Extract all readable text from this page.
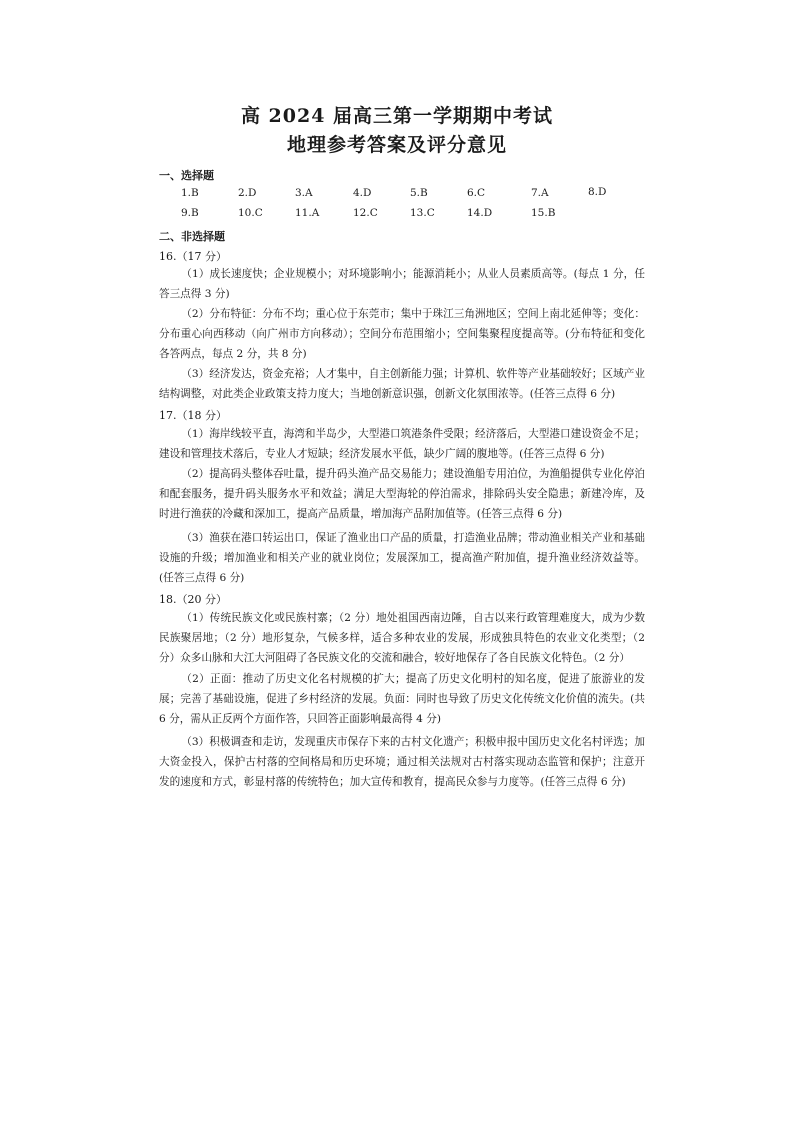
高 2024 届高三第一学期期中考试
地理参考答案及评分意见
一、选择题
1.B	2.D	3.A	4.D	5.B	6.C	7.A	8.D
9.B	10.C	11.A	12.C	13.C	14.D	15.B
二、非选择题
16.（17 分）
（1）成长速度快；企业规模小；对环境影响小；能源消耗小；从业人员素质高等。(每点 1 分，任答三点得 3 分)
（2）分布特征：分布不均；重心位于东莞市；集中于珠江三角洲地区；空间上南北延伸等；变化：分布重心向西移动（向广州市方向移动）；空间分布范围缩小；空间集聚程度提高等。(分布特征和变化各答两点，每点 2 分，共 8 分)
（3）经济发达，资金充裕；人才集中，自主创新能力强；计算机、软件等产业基础较好；区域产业结构调整，对此类企业政策支持力度大；当地创新意识强，创新文化氛围浓等。(任答三点得 6 分)
17.（18 分）
（1）海岸线较平直，海湾和半岛少，大型港口筑港条件受限；经济落后，大型港口建设资金不足；建设和管理技术落后，专业人才短缺；经济发展水平低，缺少广阔的腹地等。(任答三点得 6 分)
（2）提高码头整体吞吐量，提升码头渔产品交易能力；建设渔船专用泊位，为渔船提供专业化停泊和配套服务，提升码头服务水平和效益；满足大型海轮的停泊需求，排除码头安全隐患；新建冷库，及时进行渔获的冷藏和深加工，提高产品质量，增加海产品附加值等。(任答三点得 6 分)
（3）渔获在港口转运出口，保证了渔业出口产品的质量，打造渔业品牌；带动渔业相关产业和基础设施的升级；增加渔业和相关产业的就业岗位；发展深加工，提高渔产附加值，提升渔业经济效益等。(任答三点得 6 分)
18.（20 分）
（1）传统民族文化或民族村寨；（2 分）地处祖国西南边陲，自古以来行政管理难度大，成为少数民族聚居地；（2 分）地形复杂，气候多样，适合多种农业的发展，形成独具特色的农业文化类型；（2 分）众多山脉和大江大河阻碍了各民族文化的交流和融合，较好地保存了各自民族文化特色。（2 分）
（2）正面：推动了历史文化名村规模的扩大；提高了历史文化明村的知名度，促进了旅游业的发展；完善了基础设施，促进了乡村经济的发展。负面：同时也导致了历史文化传统文化价值的流失。(共 6 分，需从正反两个方面作答，只回答正面影响最高得 4 分)
（3）积极调查和走访，发现重庆市保存下来的古村文化遗产；积极申报中国历史文化名村评选；加大资金投入，保护古村落的空间格局和历史环境；通过相关法规对古村落实现动态监管和保护；注意开发的速度和方式，彰显村落的传统特色；加大宣传和教育，提高民众参与力度等。(任答三点得 6 分)
